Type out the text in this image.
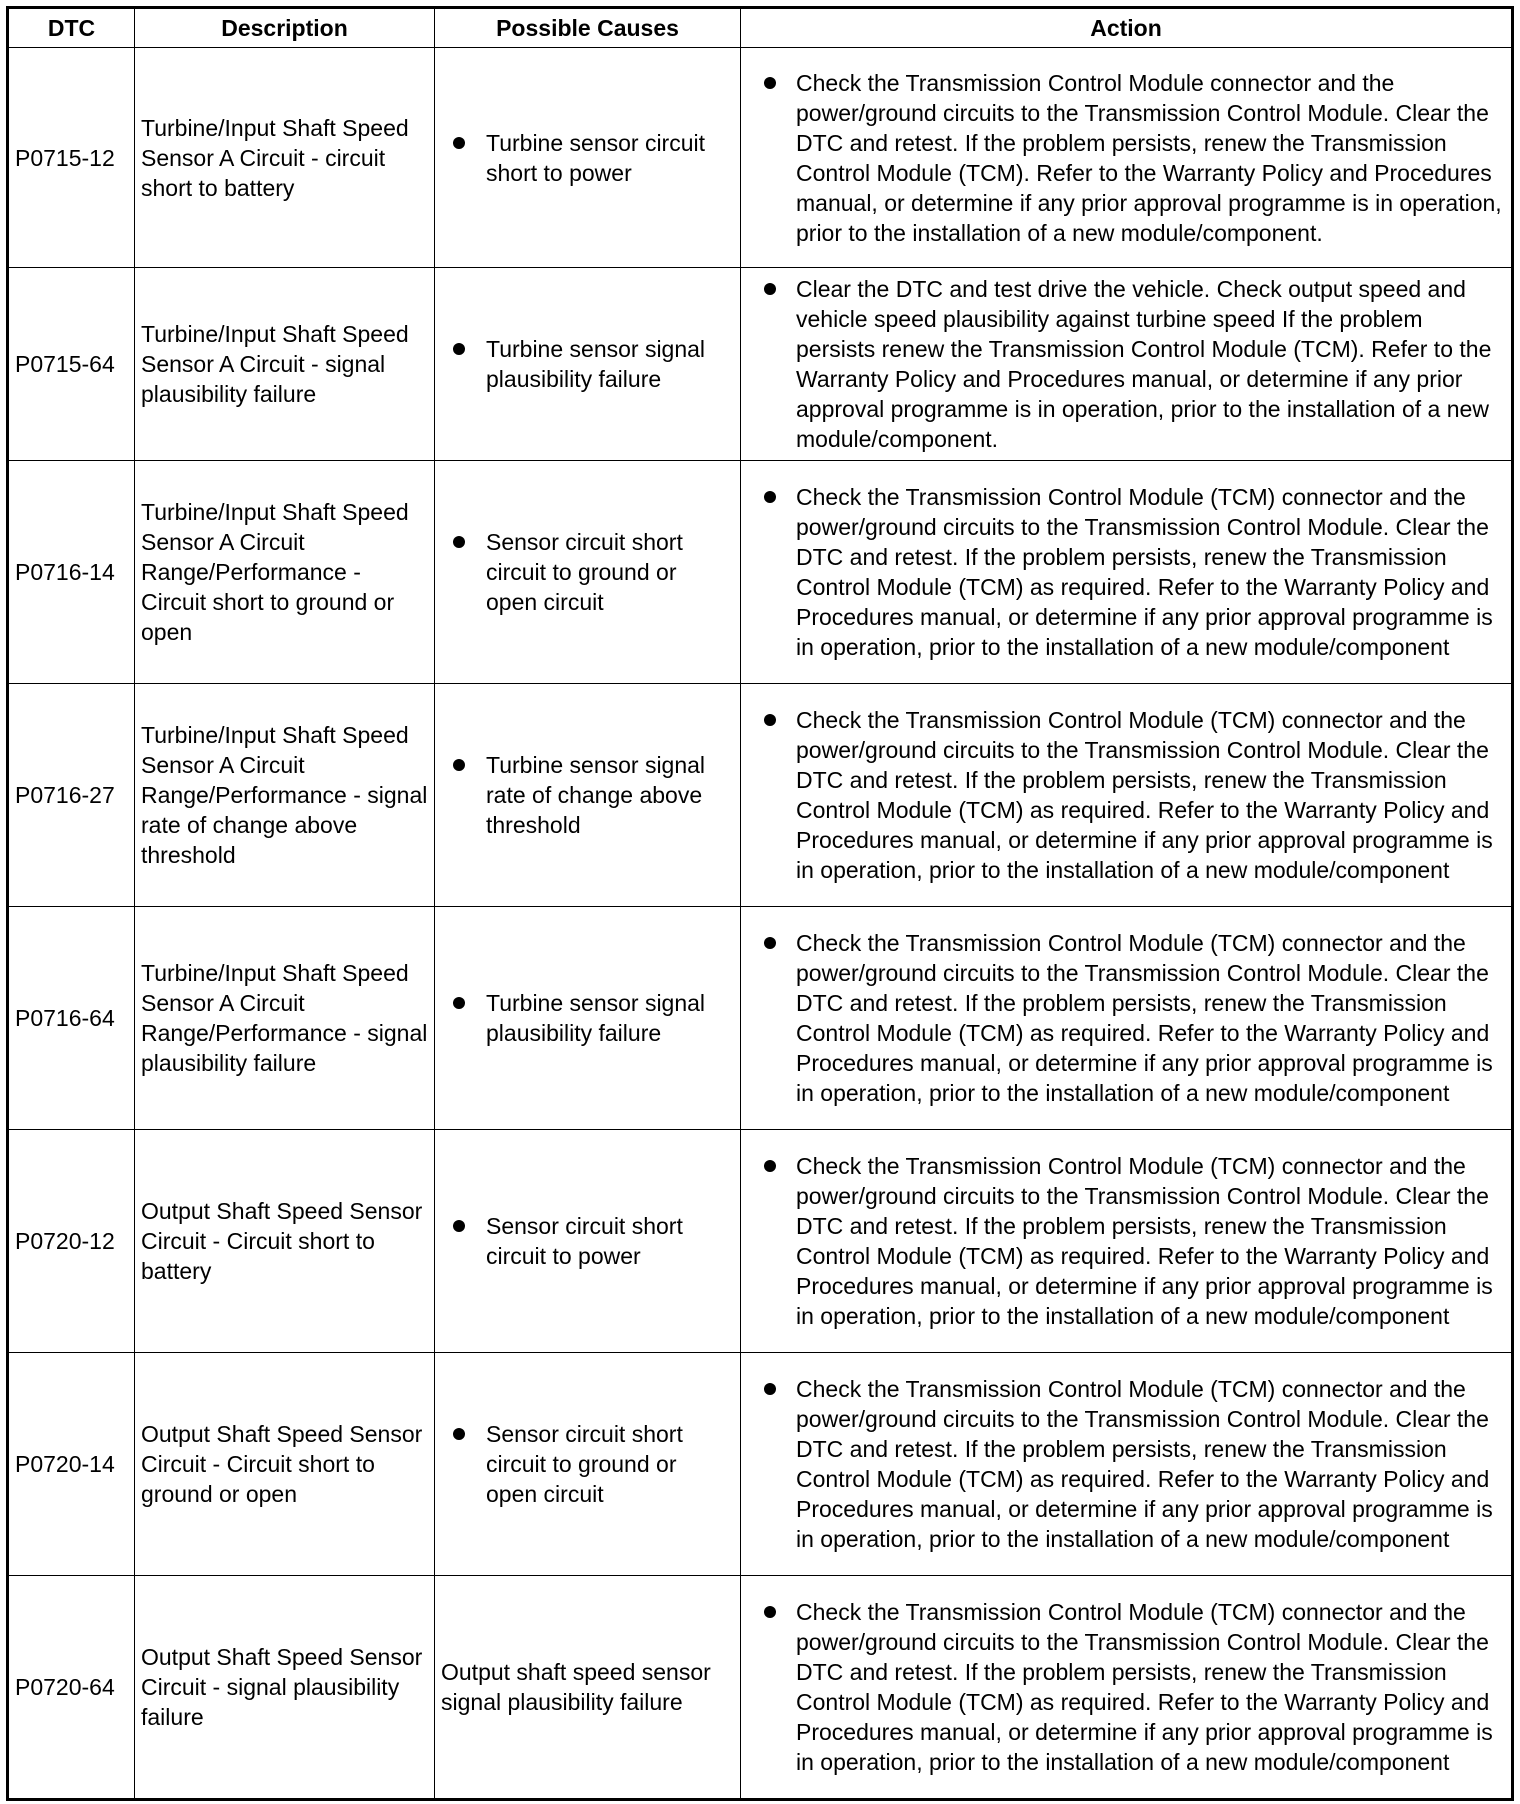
DTC	Description	Possible Causes	Action
P0715-12	Turbine/Input Shaft Speed Sensor A Circuit - circuit short to battery	Turbine sensor circuit short to power	Check the Transmission Control Module connector and the power/ground circuits to the Transmission Control Module. Clear the DTC and retest. If the problem persists, renew the Transmission Control Module (TCM). Refer to the Warranty Policy and Procedures manual, or determine if any prior approval programme is in operation, prior to the installation of a new module/component.

P0715-64	Turbine/Input Shaft Speed Sensor A Circuit - signal plausibility failure	Turbine sensor signal plausibility failure	Clear the DTC and test drive the vehicle. Check output speed and vehicle speed plausibility against turbine speed If the problem persists renew the Transmission Control Module (TCM). Refer to the Warranty Policy and Procedures manual, or determine if any prior approval programme is in operation, prior to the installation of a new module/component.

P0716-14	Turbine/Input Shaft Speed Sensor A Circuit Range/Performance - Circuit short to ground or open	Sensor circuit short circuit to ground or open circuit	Check the Transmission Control Module (TCM) connector and the power/ground circuits to the Transmission Control Module. Clear the DTC and retest. If the problem persists, renew the Transmission Control Module (TCM) as required. Refer to the Warranty Policy and Procedures manual, or determine if any prior approval programme is in operation, prior to the installation of a new module/component

P0716-27	Turbine/Input Shaft Speed Sensor A Circuit Range/Performance - signal rate of change above threshold	Turbine sensor signal rate of change above threshold	Check the Transmission Control Module (TCM) connector and the power/ground circuits to the Transmission Control Module. Clear the DTC and retest. If the problem persists, renew the Transmission Control Module (TCM) as required. Refer to the Warranty Policy and Procedures manual, or determine if any prior approval programme is in operation, prior to the installation of a new module/component

P0716-64	Turbine/Input Shaft Speed Sensor A Circuit Range/Performance - signal plausibility failure	Turbine sensor signal plausibility failure	Check the Transmission Control Module (TCM) connector and the power/ground circuits to the Transmission Control Module. Clear the DTC and retest. If the problem persists, renew the Transmission Control Module (TCM) as required. Refer to the Warranty Policy and Procedures manual, or determine if any prior approval programme is in operation, prior to the installation of a new module/component

P0720-12	Output Shaft Speed Sensor Circuit - Circuit short to battery	Sensor circuit short circuit to power	Check the Transmission Control Module (TCM) connector and the power/ground circuits to the Transmission Control Module. Clear the DTC and retest. If the problem persists, renew the Transmission Control Module (TCM) as required. Refer to the Warranty Policy and Procedures manual, or determine if any prior approval programme is in operation, prior to the installation of a new module/component

P0720-14	Output Shaft Speed Sensor Circuit - Circuit short to ground or open	Sensor circuit short circuit to ground or open circuit	Check the Transmission Control Module (TCM) connector and the power/ground circuits to the Transmission Control Module. Clear the DTC and retest. If the problem persists, renew the Transmission Control Module (TCM) as required. Refer to the Warranty Policy and Procedures manual, or determine if any prior approval programme is in operation, prior to the installation of a new module/component

P0720-64	Output Shaft Speed Sensor Circuit - signal plausibility failure	Output shaft speed sensor signal plausibility failure	Check the Transmission Control Module (TCM) connector and the power/ground circuits to the Transmission Control Module. Clear the DTC and retest. If the problem persists, renew the Transmission Control Module (TCM) as required. Refer to the Warranty Policy and Procedures manual, or determine if any prior approval programme is in operation, prior to the installation of a new module/component
